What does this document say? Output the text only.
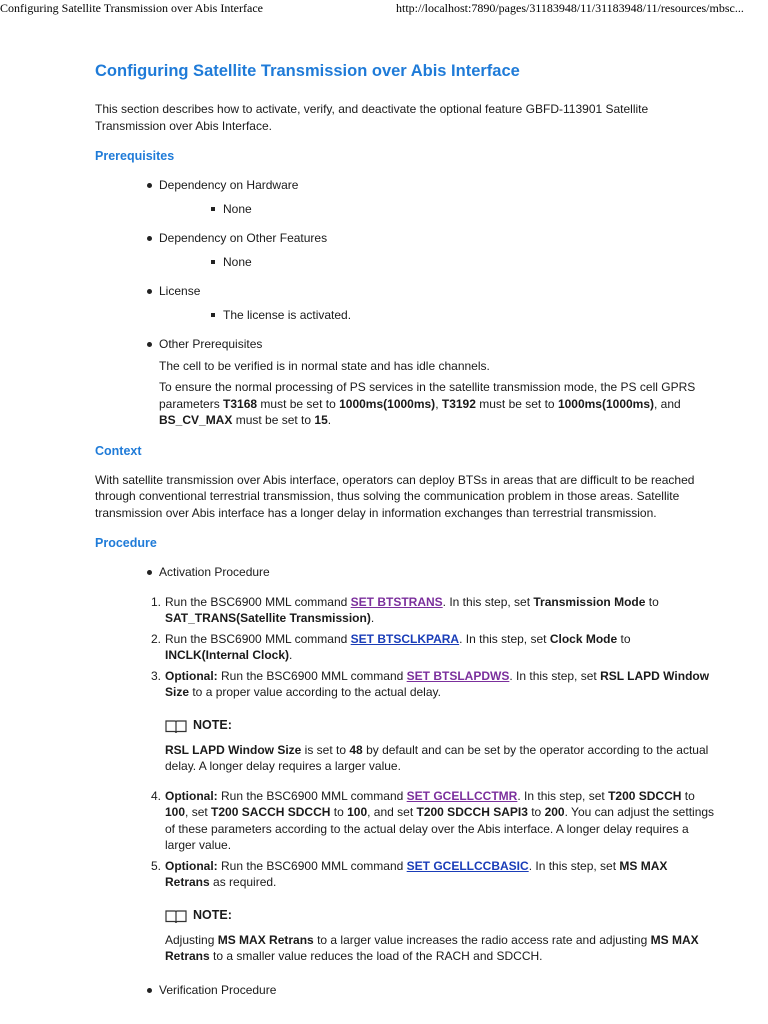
Configuring Satellite Transmission over Abis Interface	http://localhost:7890/pages/31183948/11/31183948/11/resources/mbsc...
Configuring Satellite Transmission over Abis Interface

This section describes how to activate, verify, and deactivate the optional feature GBFD-113901 Satellite Transmission over Abis Interface.

Prerequisites
Dependency on Hardware
None
Dependency on Other Features
None
License
The license is activated.
Other Prerequisites

The cell to be verified is in normal state and has idle channels.

To ensure the normal processing of PS services in the satellite transmission mode, the PS cell GPRS parameters T3168 must be set to 1000ms(1000ms), T3192 must be set to 1000ms(1000ms), and BS_CV_MAX must be set to 15.

Context

With satellite transmission over Abis interface, operators can deploy BTSs in areas that are difficult to be reached through conventional terrestrial transmission, thus solving the communication problem in those areas. Satellite transmission over Abis interface has a longer delay in information exchanges than terrestrial transmission.

Procedure
Activation Procedure
1. Run the BSC6900 MML command SET BTSTRANS. In this step, set Transmission Mode to SAT_TRANS(Satellite Transmission).
2. Run the BSC6900 MML command SET BTSCLKPARA. In this step, set Clock Mode to INCLK(Internal Clock).
3. Optional: Run the BSC6900 MML command SET BTSLAPDWS. In this step, set RSL LAPD Window Size to a proper value according to the actual delay.
NOTE:

RSL LAPD Window Size is set to 48 by default and can be set by the operator according to the actual delay. A longer delay requires a larger value.

4. Optional: Run the BSC6900 MML command SET GCELLCCTMR. In this step, set T200 SDCCH to 100, set T200 SACCH SDCCH to 100, and set T200 SDCCH SAPI3 to 200. You can adjust the settings of these parameters according to the actual delay over the Abis interface. A longer delay requires a larger value.
5. Optional: Run the BSC6900 MML command SET GCELLCCBASIC. In this step, set MS MAX Retrans as required.
NOTE:

Adjusting MS MAX Retrans to a larger value increases the radio access rate and adjusting MS MAX Retrans to a smaller value reduces the load of the RACH and SDCCH.

Verification Procedure
